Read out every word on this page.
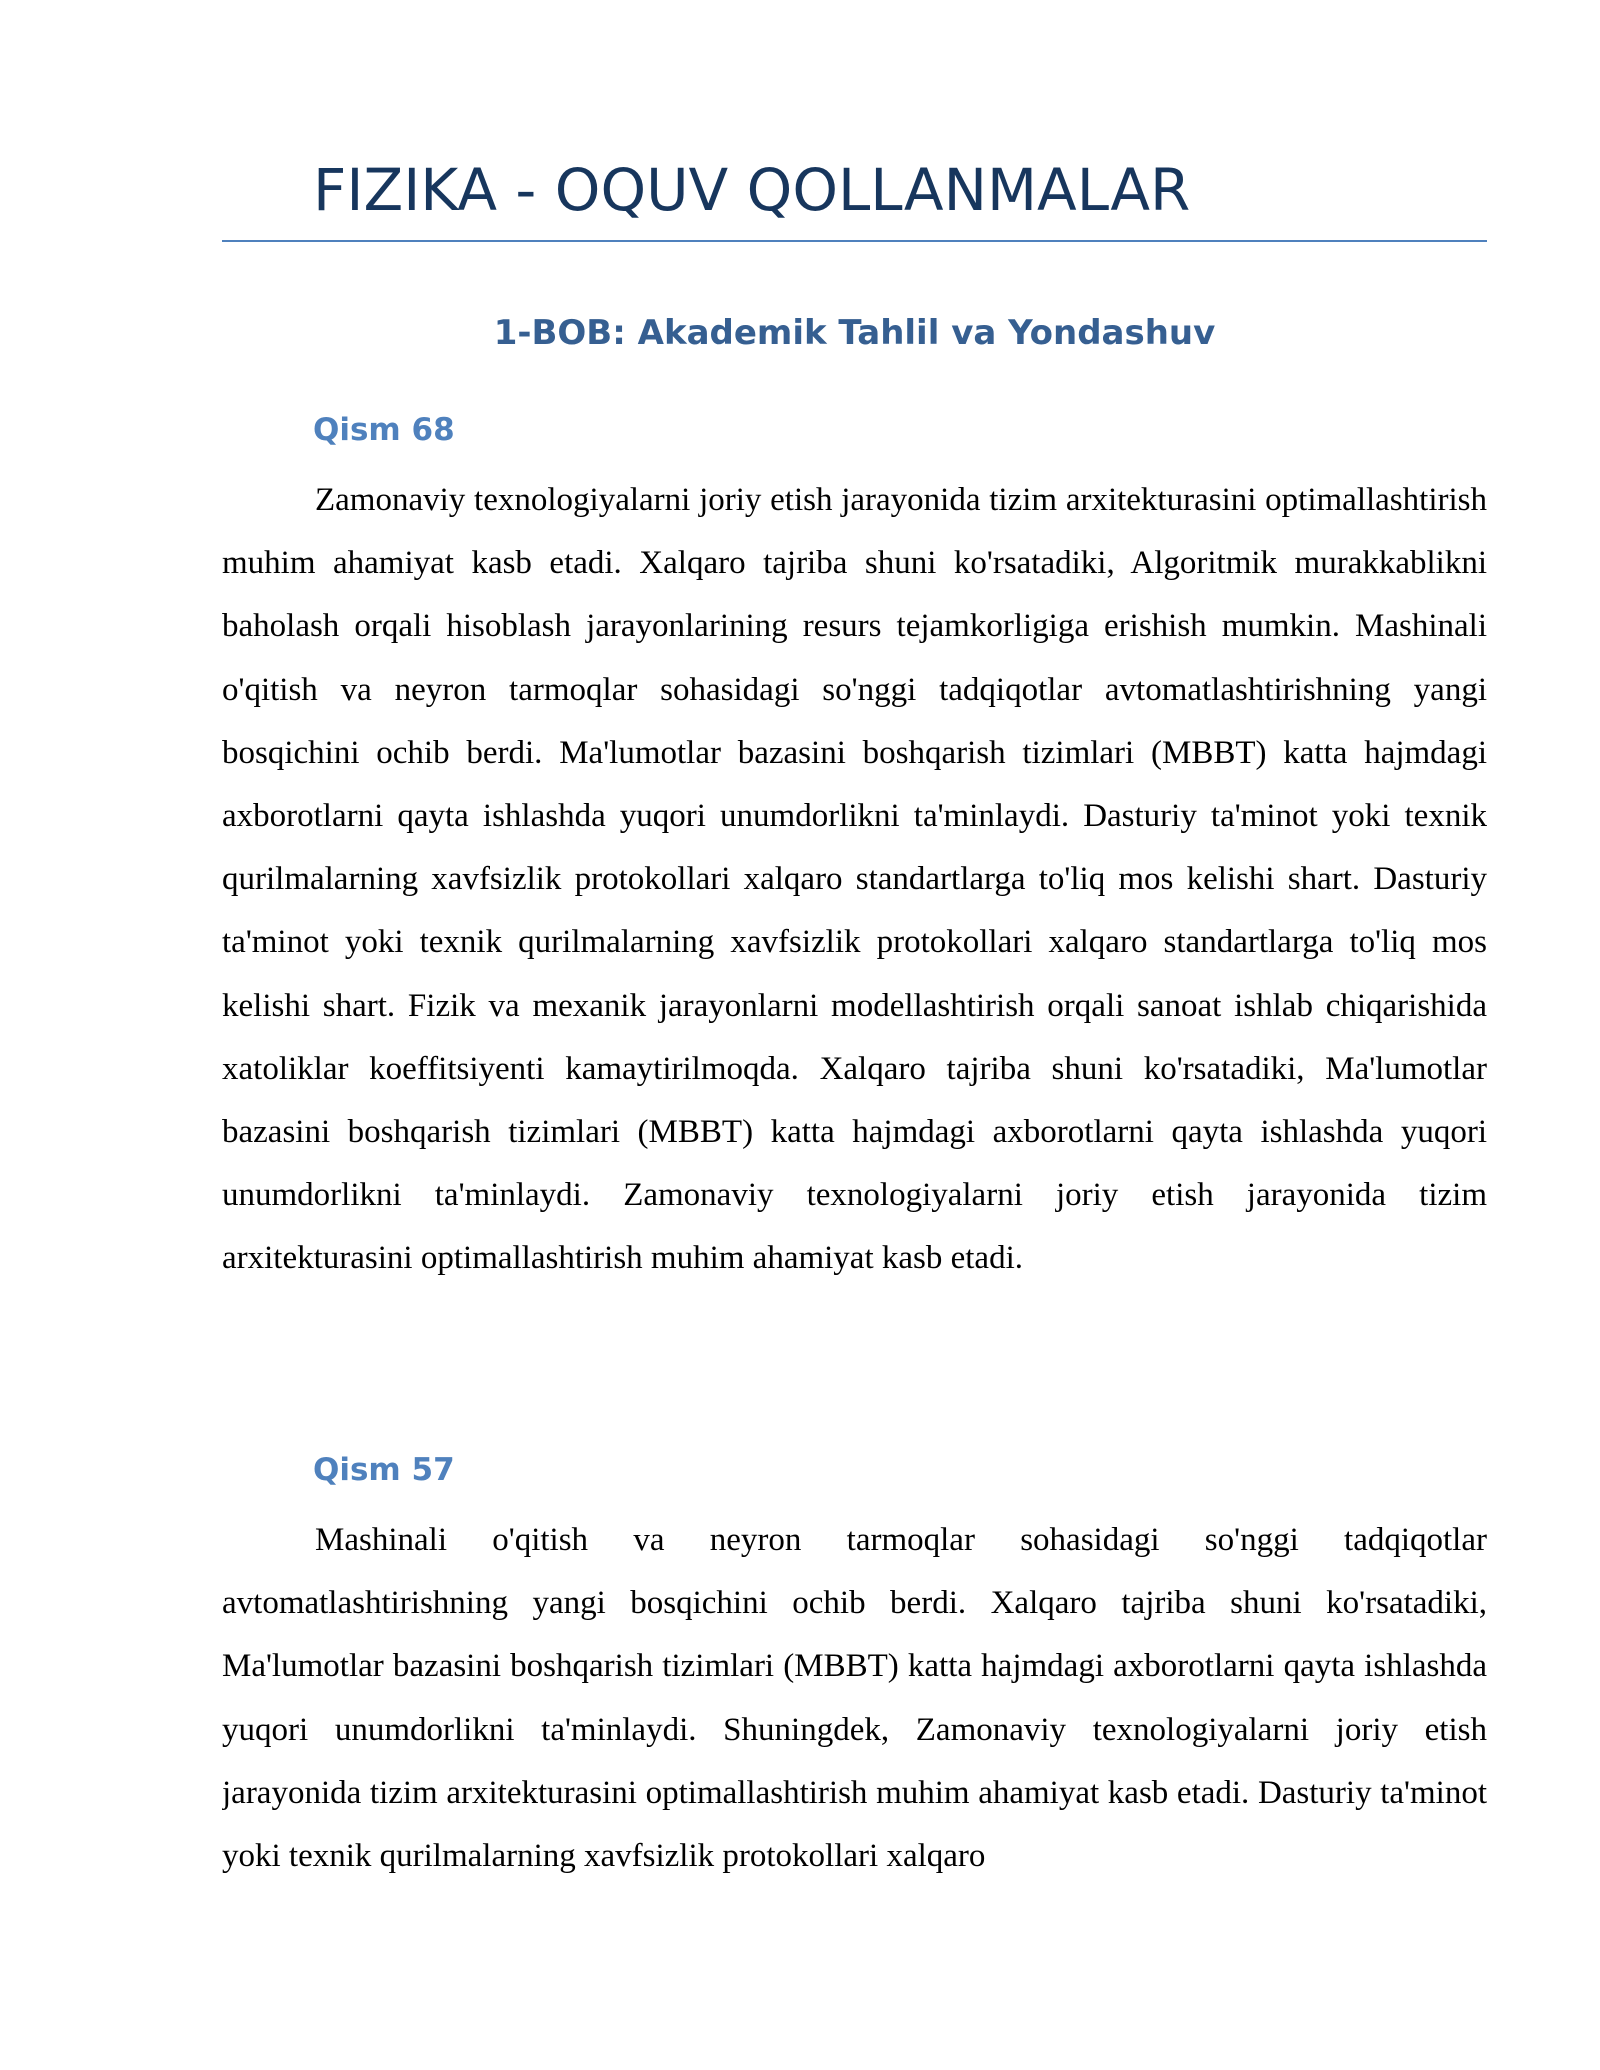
FIZIKA - OQUV QOLLANMALAR
1-BOB: Akademik Tahlil va Yondashuv
Qism 68

Zamonaviy texnologiyalarni joriy etish jarayonida tizim arxitekturasini optimallashtirish muhim ahamiyat kasb etadi. Xalqaro tajriba shuni ko'rsatadiki, Algoritmik murakkablikni baholash orqali hisoblash jarayonlarining resurs tejamkorligiga erishish mumkin. Mashinali o'qitish va neyron tarmoqlar sohasidagi so'nggi tadqiqotlar avtomatlashtirishning yangi bosqichini ochib berdi. Ma'lumotlar bazasini boshqarish tizimlari (MBBT) katta hajmdagi axborotlarni qayta ishlashda yuqori unumdorlikni ta'minlaydi. Dasturiy ta'minot yoki texnik qurilmalarning xavfsizlik protokollari xalqaro standartlarga to'liq mos kelishi shart. Dasturiy ta'minot yoki texnik qurilmalarning xavfsizlik protokollari xalqaro standartlarga to'liq mos kelishi shart. Fizik va mexanik jarayonlarni modellashtirish orqali sanoat ishlab chiqarishida xatoliklar koeffitsiyenti kamaytirilmoqda. Xalqaro tajriba shuni ko'rsatadiki, Ma'lumotlar bazasini boshqarish tizimlari (MBBT) katta hajmdagi axborotlarni qayta ishlashda yuqori unumdorlikni ta'minlaydi. Zamonaviy texnologiyalarni joriy etish jarayonida tizim arxitekturasini optimallashtirish muhim ahamiyat kasb etadi.

Qism 57

Mashinali o'qitish va neyron tarmoqlar sohasidagi so'nggi tadqiqotlar avtomatlashtirishning yangi bosqichini ochib berdi. Xalqaro tajriba shuni ko'rsatadiki, Ma'lumotlar bazasini boshqarish tizimlari (MBBT) katta hajmdagi axborotlarni qayta ishlashda yuqori unumdorlikni ta'minlaydi. Shuningdek, Zamonaviy texnologiyalarni joriy etish jarayonida tizim arxitekturasini optimallashtirish muhim ahamiyat kasb etadi. Dasturiy ta'minot yoki texnik qurilmalarning xavfsizlik protokollari xalqaro
